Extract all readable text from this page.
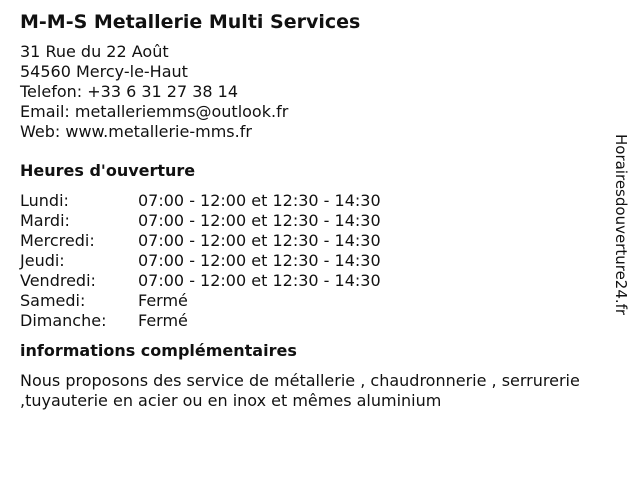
M-M-S Metallerie Multi Services
31 Rue du 22 Août
54560 Mercy-le-Haut
Telefon: +33 6 31 27 38 14
Email: metalleriemms@outlook.fr
Web: www.metallerie-mms.fr
Heures d'ouverture
Lundi:	07:00 - 12:00 et 12:30 - 14:30
Mardi:	07:00 - 12:00 et 12:30 - 14:30
Mercredi:	07:00 - 12:00 et 12:30 - 14:30
Jeudi:	07:00 - 12:00 et 12:30 - 14:30
Vendredi:	07:00 - 12:00 et 12:30 - 14:30
Samedi:	Fermé
Dimanche:	Fermé
informations complémentaires
Nous proposons des service de métallerie , chaudronnerie , serrurerie ,tuyauterie en acier ou en inox et mêmes aluminium
Horairesdouverture24.fr
